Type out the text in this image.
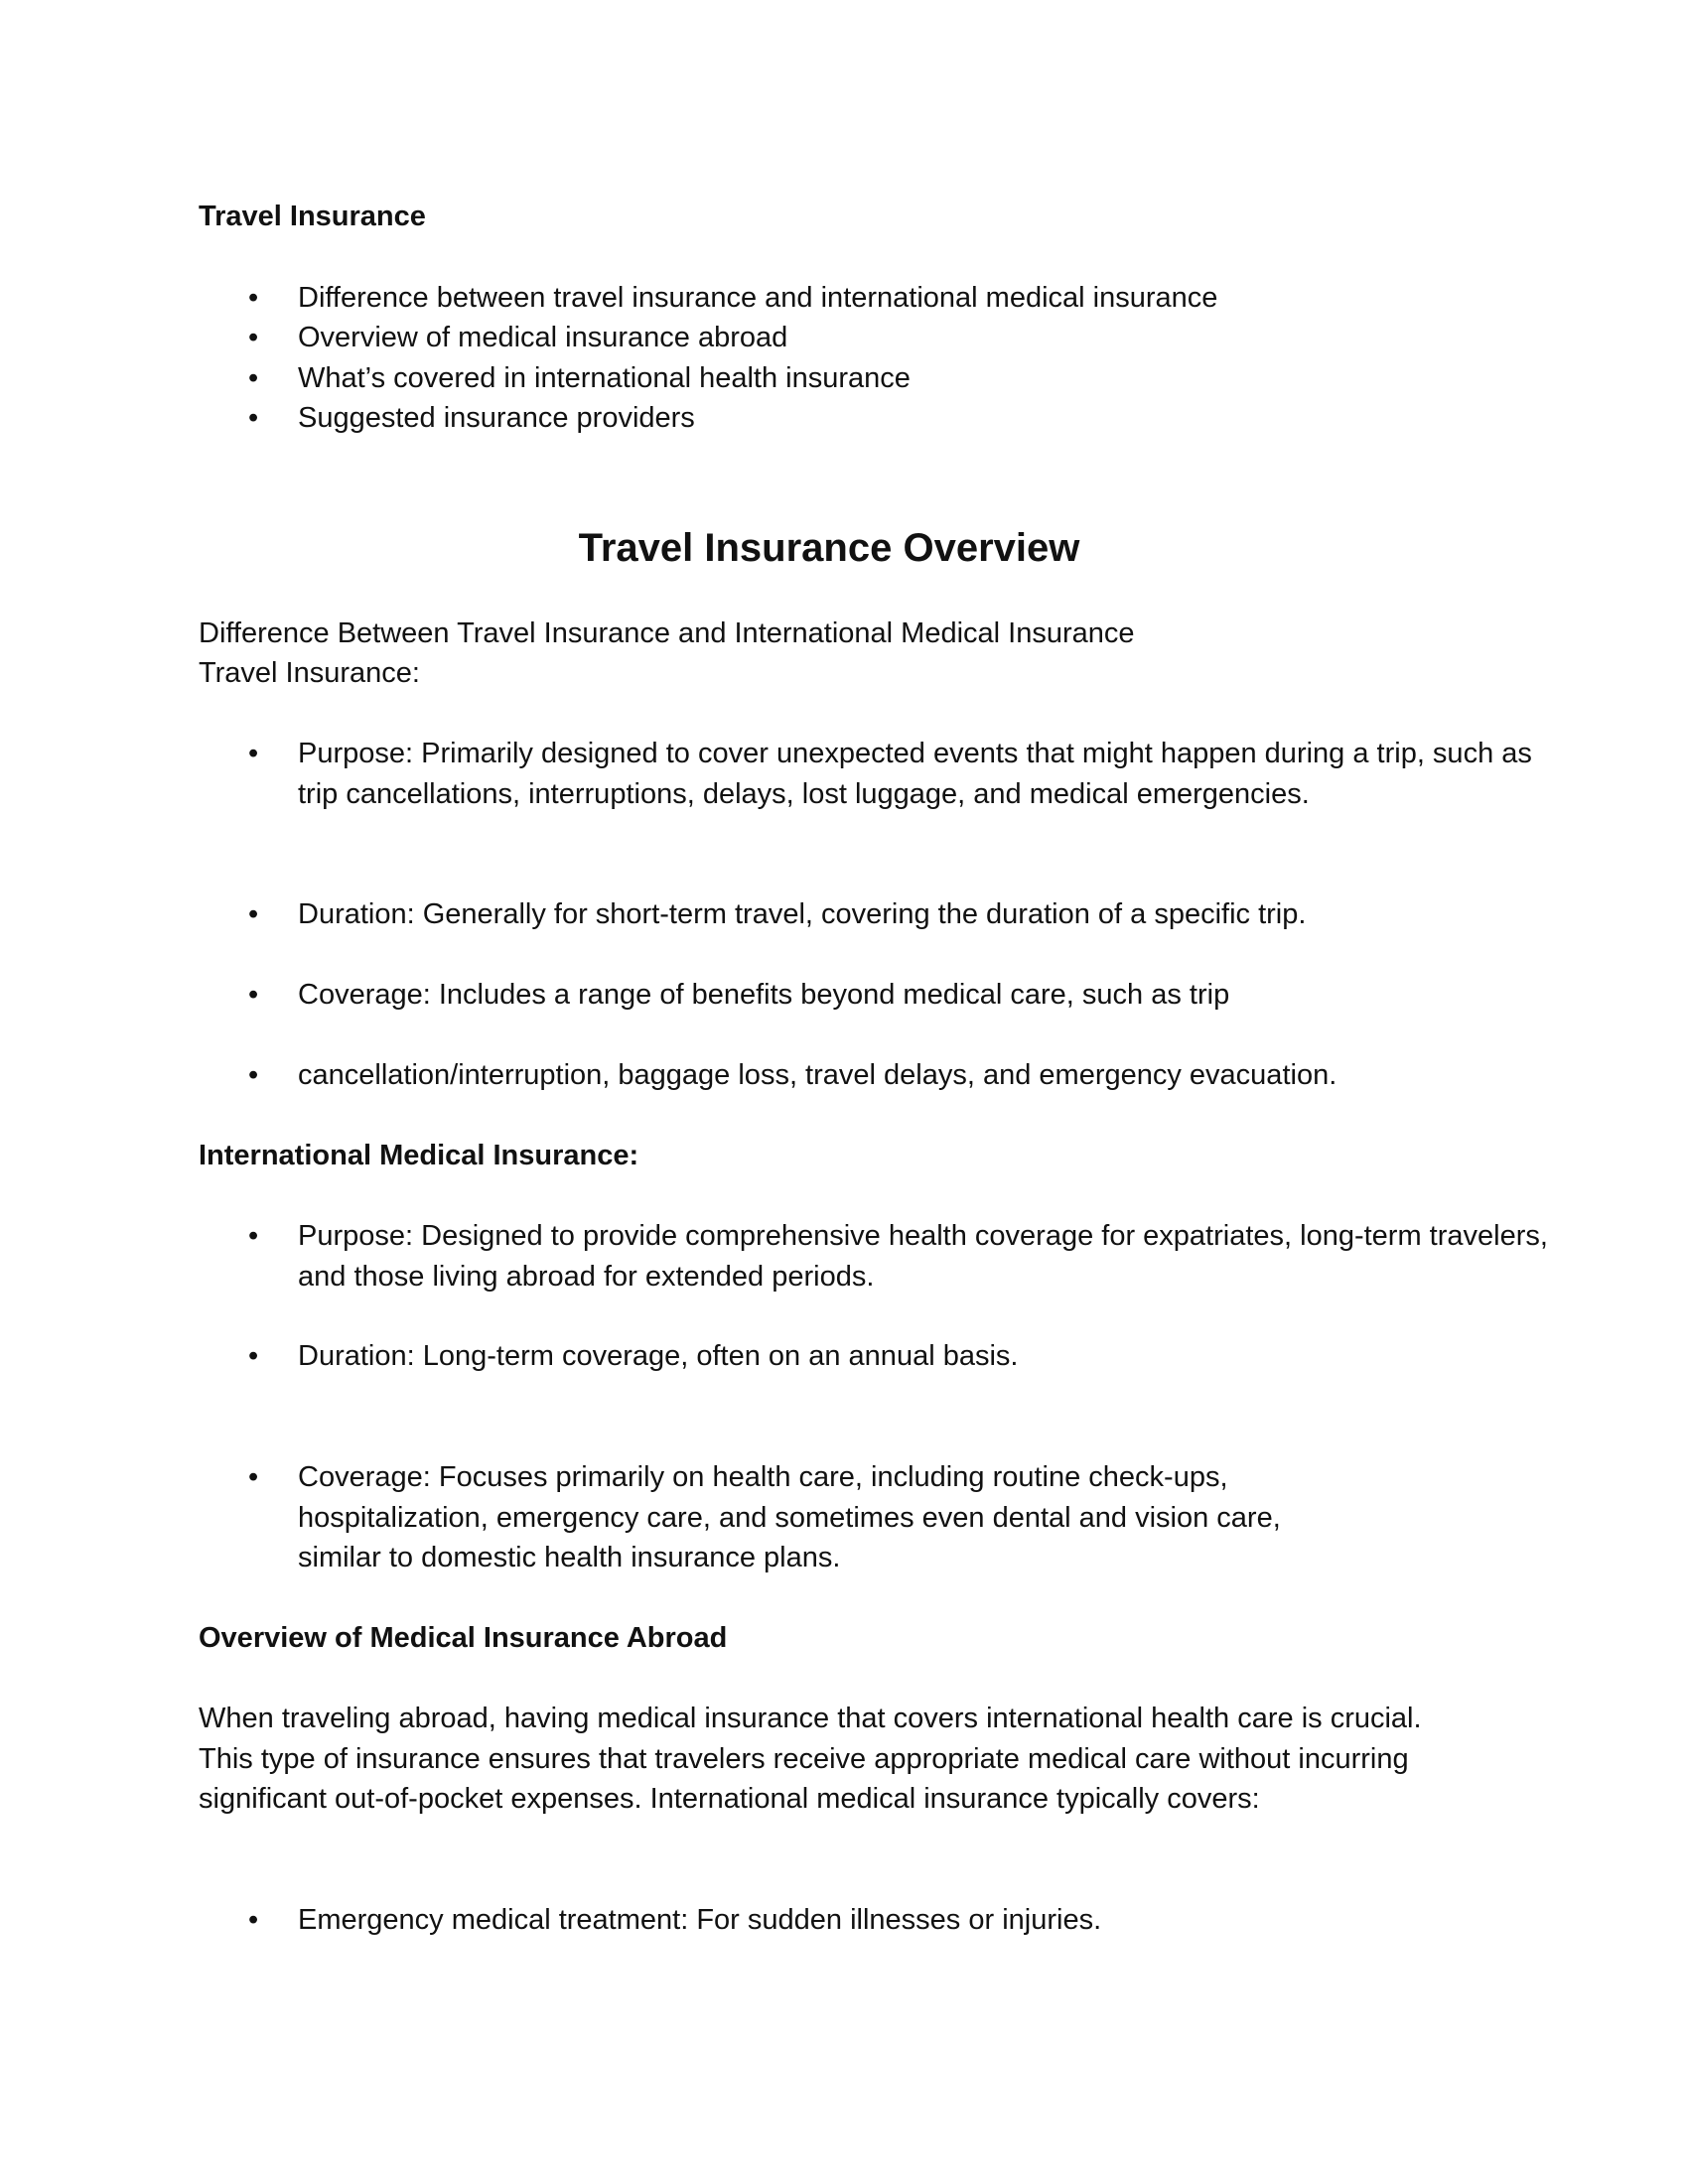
Travel Insurance
•	Difference between travel insurance and international medical insurance
•	Overview of medical insurance abroad
•	What’s covered in international health insurance
•	Suggested insurance providers
Travel Insurance Overview

Difference Between Travel Insurance and International Medical Insurance

Travel Insurance:

•	Purpose: Primarily designed to cover unexpected events that might happen during a trip, such as trip cancellations, interruptions, delays, lost luggage, and medical emergencies.
•	Duration: Generally for short-term travel, covering the duration of a specific trip.
•	Coverage: Includes a range of benefits beyond medical care, such as trip
•	cancellation/interruption, baggage loss, travel delays, and emergency evacuation.
International Medical Insurance:
•	Purpose: Designed to provide comprehensive health coverage for expatriates, long-term travelers, and those living abroad for extended periods.
•	Duration: Long-term coverage, often on an annual basis.
•	Coverage: Focuses primarily on health care, including routine check-ups, hospitalization, emergency care, and sometimes even dental and vision care, similar to domestic health insurance plans.
Overview of Medical Insurance Abroad

When traveling abroad, having medical insurance that covers international health care is crucial. This type of insurance ensures that travelers receive appropriate medical care without incurring significant out-of-pocket expenses. International medical insurance typically covers:

•	Emergency medical treatment: For sudden illnesses or injuries.
